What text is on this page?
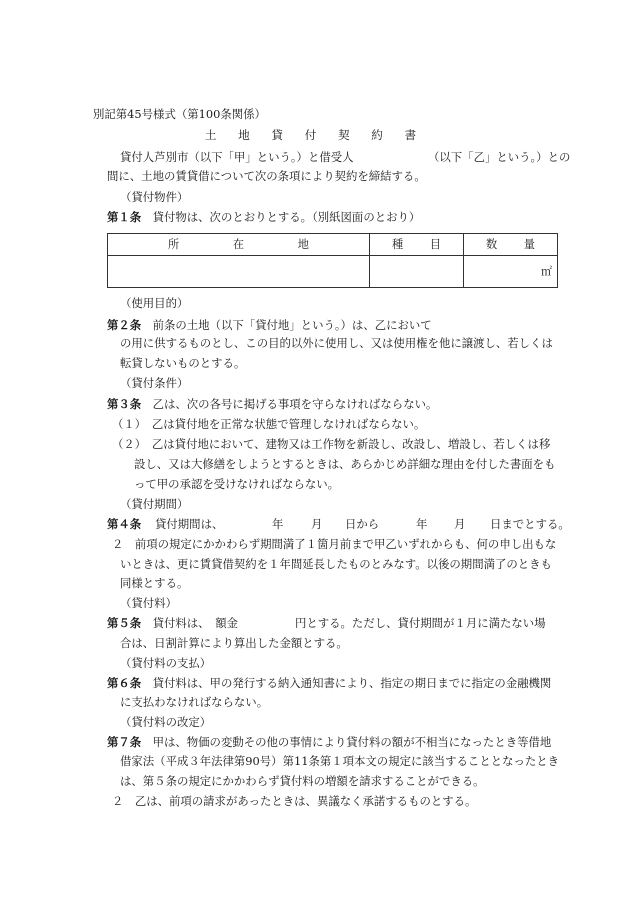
別記第45号様式（第100条関係）
土 地 貸 付 契 約 書
貸付人芦別市（以下「甲」という。）と借受人	（以下「乙」という。）との
間に、土地の賃貸借について次の条項により契約を締結する。
（貸付物件）
第１条　 貸付物は、次のとおりとする。（別紙図面のとおり）
所 在 地	種 目	数 量

		㎡
（使用目的）
第２条　 前条の土地（以下「貸付地」という。）は、乙において
の用に供するものとし、この目的以外に使用し、又は使用権を他に譲渡し、若しくは
転貸しないものとする。
（貸付条件）
第３条　 乙は、次の各号に掲げる事項を守らなければならない。
（１）　 乙は貸付地を正常な状態で管理しなければならない。
（２）　 乙は貸付地において、建物又は工作物を新設し、改設し、増設し、若しくは移
設し、又は大修繕をしようとするときは、あらかじめ詳細な理由を付した書面をも
って甲の承認を受けなければならない。
（貸付期間）
第４条 貸付期間は、	年 月 日から	年 月 日までとする。
２　 前項の規定にかかわらず期間満了１箇月前まで甲乙いずれからも、何の申し出もな
いときは、更に賃貸借契約を１年間延長したものとみなす。以後の期間満了のときも
同様とする。
（貸付料）
第５条　 貸付料は、　額金　　　　　円とする。ただし、貸付期間が１月に満たない場
合は、日割計算により算出した金額とする。
（貸付料の支払）
第６条　 貸付料は、甲の発行する納入通知書により、指定の期日までに指定の金融機関
に支払わなければならない。
（貸付料の改定）
第７条　 甲は、物価の変動その他の事情により貸付料の額が不相当になったとき等借地
借家法（平成３年法律第90号）第11条第１項本文の規定に該当することとなったとき
は、第５条の規定にかかわらず貸付料の増額を請求することができる。
２　 乙は、前項の請求があったときは、異議なく承諾するものとする。
